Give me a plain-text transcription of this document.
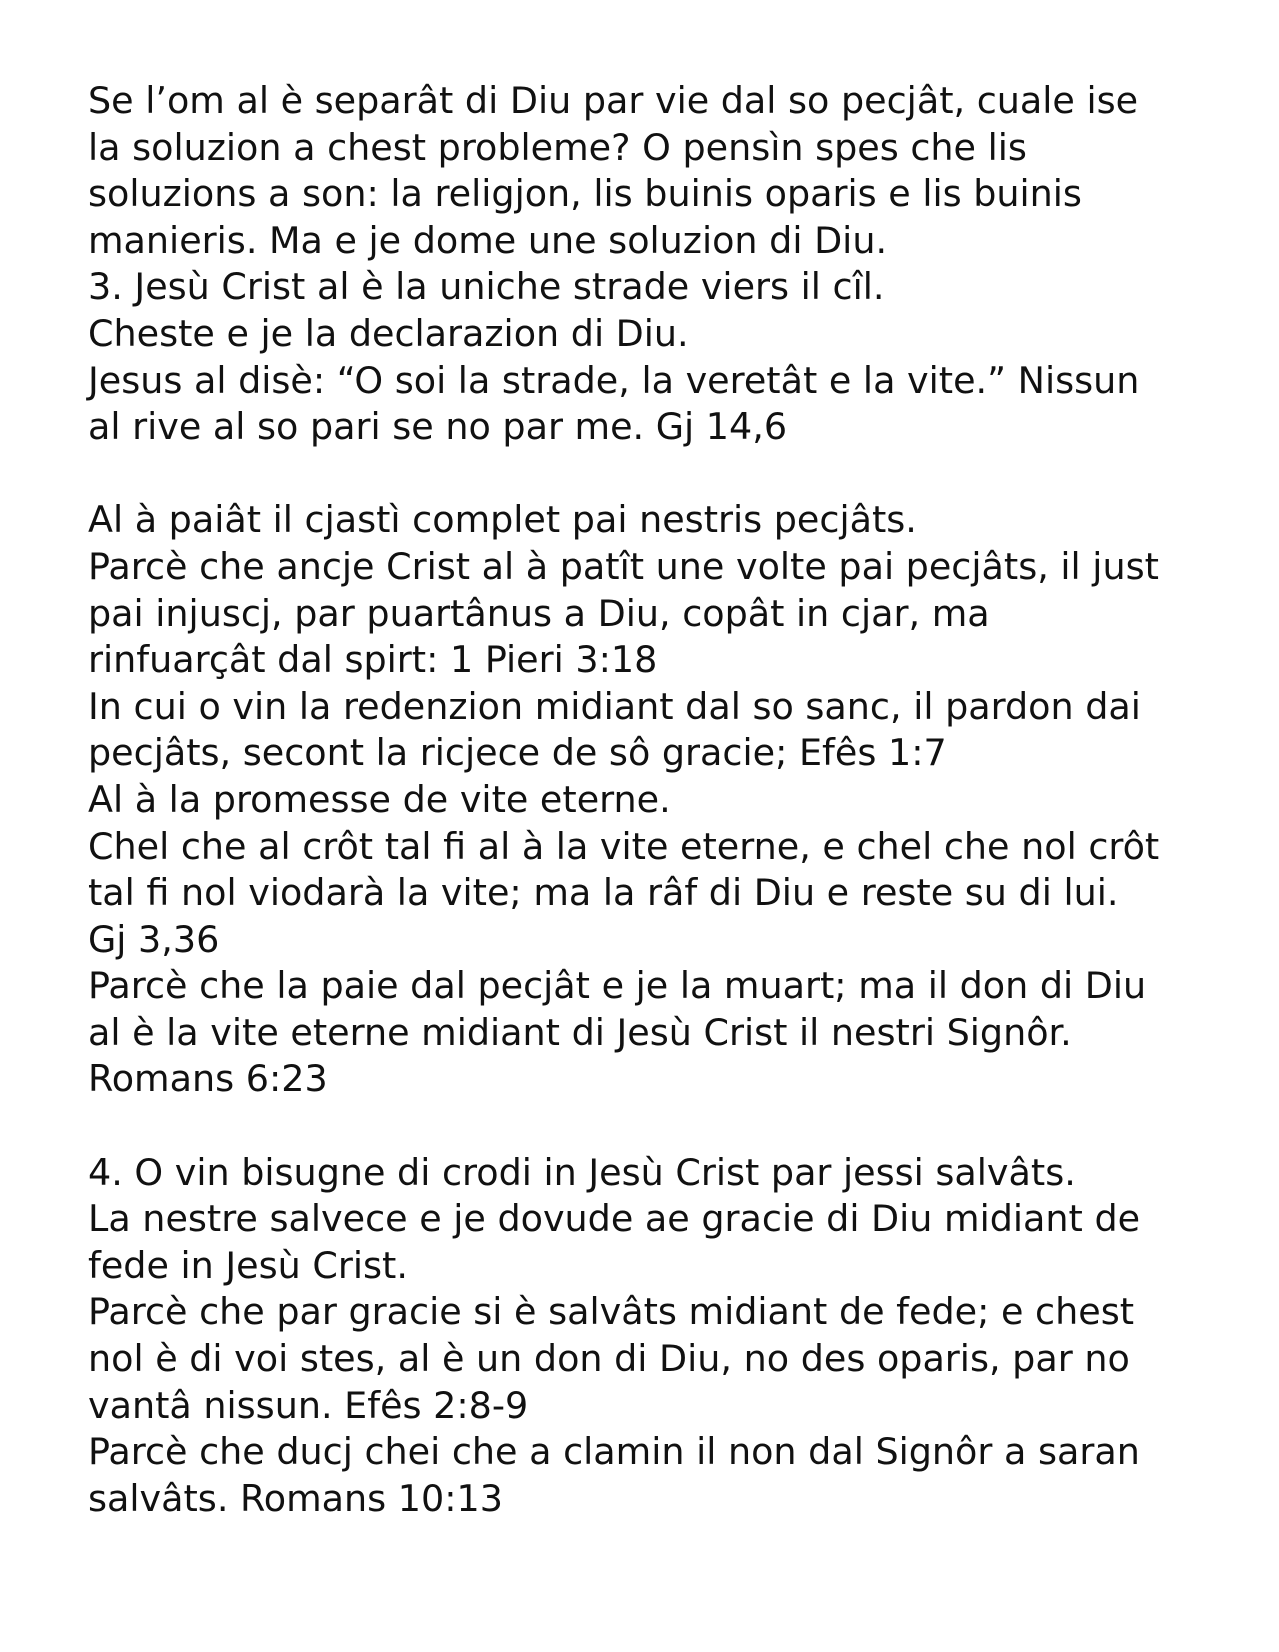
Se l’om al è separât di Diu par vie dal so pecjât, cuale ise
la soluzion a chest probleme? O pensìn spes che lis
soluzions a son: la religjon, lis buinis oparis e lis buinis
manieris. Ma e je dome une soluzion di Diu.
3. Jesù Crist al è la uniche strade viers il cîl.
Cheste e je la declarazion di Diu.
Jesus al disè: “O soi la strade, la veretât e la vite.” Nissun
al rive al so pari se no par me. Gj 14,6
Al à paiât il cjastì complet pai nestris pecjâts.
Parcè che ancje Crist al à patît une volte pai pecjâts, il just
pai injuscj, par puartânus a Diu, copât in cjar, ma
rinfuarçât dal spirt: 1 Pieri 3:18
In cui o vin la redenzion midiant dal so sanc, il pardon dai
pecjâts, secont la ricjece de sô gracie; Efês 1:7
Al à la promesse de vite eterne.
Chel che al crôt tal fi al à la vite eterne, e chel che nol crôt
tal fi nol viodarà la vite; ma la râf di Diu e reste su di lui.
Gj 3,36
Parcè che la paie dal pecjât e je la muart; ma il don di Diu
al è la vite eterne midiant di Jesù Crist il nestri Signôr.
Romans 6:23
4. O vin bisugne di crodi in Jesù Crist par jessi salvâts.
La nestre salvece e je dovude ae gracie di Diu midiant de
fede in Jesù Crist.
Parcè che par gracie si è salvâts midiant de fede; e chest
nol è di voi stes, al è un don di Diu, no des oparis, par no
vantâ nissun. Efês 2:8-9
Parcè che ducj chei che a clamin il non dal Signôr a saran
salvâts. Romans 10:13
